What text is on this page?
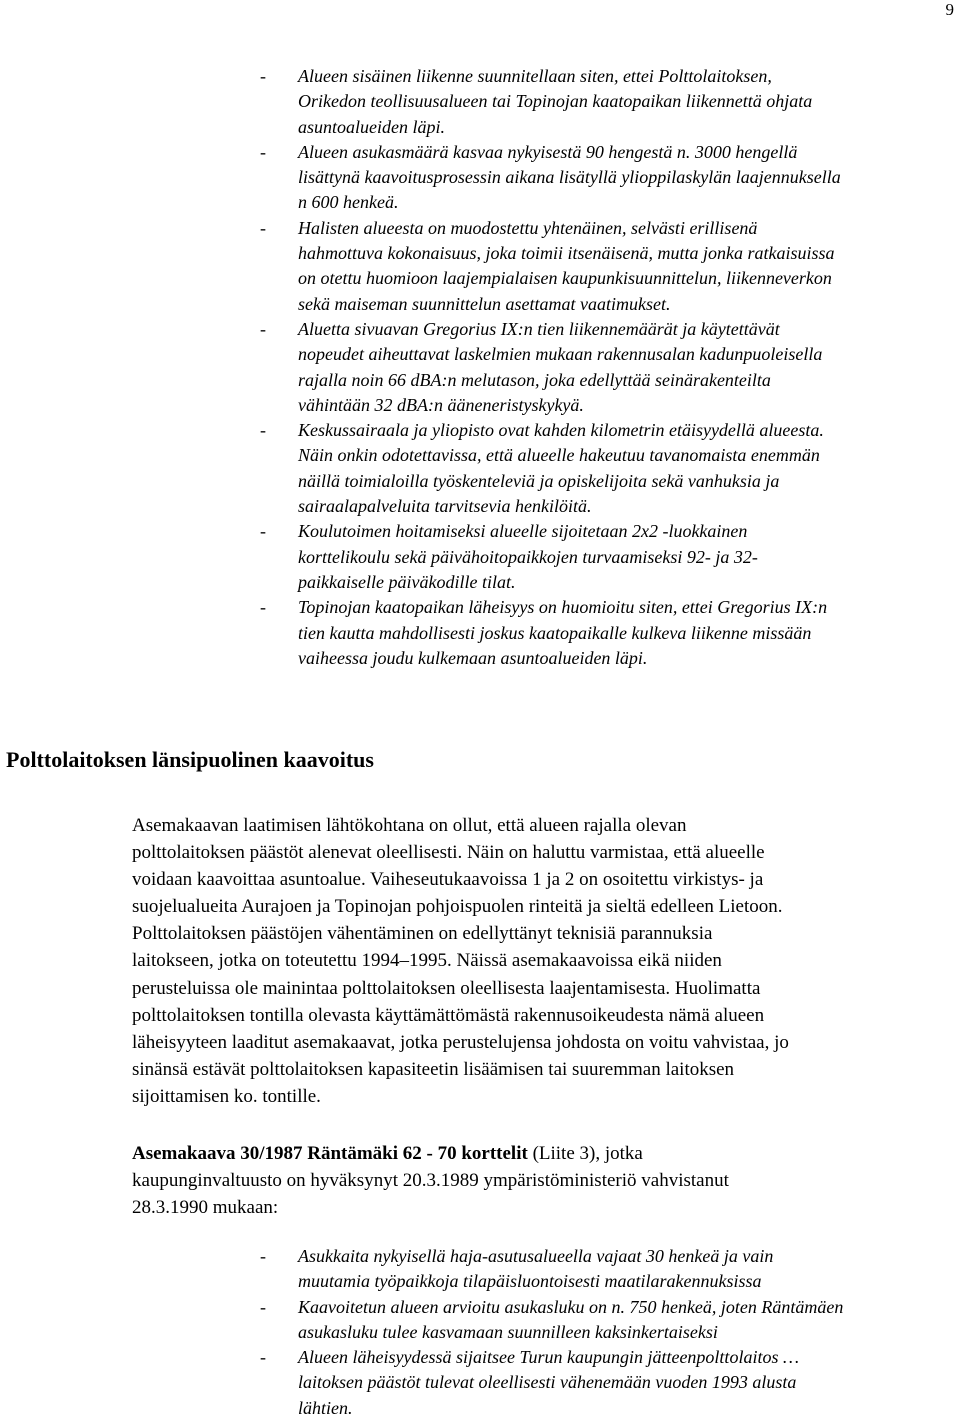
9
- Alueen sisäinen liikenne suunnitellaan siten, ettei Polttolaitoksen,
Orikedon teollisuusalueen tai Topinojan kaatopaikan liikennettä ohjata
asuntoalueiden läpi.
- Alueen asukasmäärä kasvaa nykyisestä 90 hengestä n. 3000 hengellä
lisättynä kaavoitusprosessin aikana lisätyllä ylioppilaskylän laajennuksella
n 600 henkeä.
- Halisten alueesta on muodostettu yhtenäinen, selvästi erillisenä
hahmottuva kokonaisuus, joka toimii itsenäisenä, mutta jonka ratkaisuissa
on otettu huomioon laajempialaisen kaupunkisuunnittelun, liikenneverkon
sekä maiseman suunnittelun asettamat vaatimukset.
- Aluetta sivuavan Gregorius IX:n tien liikennemäärät ja käytettävät
nopeudet aiheuttavat laskelmien mukaan rakennusalan kadunpuoleisella
rajalla noin 66 dBA:n melutason, joka edellyttää seinärakenteilta
vähintään 32 dBA:n ääneneristyskykyä.
- Keskussairaala ja yliopisto ovat kahden kilometrin etäisyydellä alueesta.
Näin onkin odotettavissa, että alueelle hakeutuu tavanomaista enemmän
näillä toimialoilla työskenteleviä ja opiskelijoita sekä vanhuksia ja
sairaalapalveluita tarvitsevia henkilöitä.
- Koulutoimen hoitamiseksi alueelle sijoitetaan 2x2 -luokkainen
korttelikoulu sekä päivähoitopaikkojen turvaamiseksi 92- ja 32-
paikkaiselle päiväkodille tilat.
- Topinojan kaatopaikan läheisyys on huomioitu siten, ettei Gregorius IX:n
tien kautta mahdollisesti joskus kaatopaikalle kulkeva liikenne missään
vaiheessa joudu kulkemaan asuntoalueiden läpi.
Polttolaitoksen länsipuolinen kaavoitus

Asemakaavan laatimisen lähtökohtana on ollut, että alueen rajalla olevan
polttolaitoksen päästöt alenevat oleellisesti. Näin on haluttu varmistaa, että alueelle
voidaan kaavoittaa asuntoalue. Vaiheseutukaavoissa 1 ja 2 on osoitettu virkistys- ja
suojelualueita Aurajoen ja Topinojan pohjoispuolen rinteitä ja sieltä edelleen Lietoon.
Polttolaitoksen päästöjen vähentäminen on edellyttänyt teknisiä parannuksia
laitokseen, jotka on toteutettu 1994–1995. Näissä asemakaavoissa eikä niiden
perusteluissa ole mainintaa polttolaitoksen oleellisesta laajentamisesta. Huolimatta
polttolaitoksen tontilla olevasta käyttämättömästä rakennusoikeudesta nämä alueen
läheisyyteen laaditut asemakaavat, jotka perustelujensa johdosta on voitu vahvistaa, jo
sinänsä estävät polttolaitoksen kapasiteetin lisäämisen tai suuremman laitoksen
sijoittamisen ko. tontille.

Asemakaava 30/1987 Räntämäki 62 - 70 korttelit (Liite 3), jotka
kaupunginvaltuusto on hyväksynyt 20.3.1989 ympäristöministeriö vahvistanut
28.3.1990 mukaan:

- Asukkaita nykyisellä haja-asutusalueella vajaat 30 henkeä ja vain
muutamia työpaikkoja tilapäisluontoisesti maatilarakennuksissa
- Kaavoitetun alueen arvioitu asukasluku on n. 750 henkeä, joten Räntämäen
asukasluku tulee kasvamaan suunnilleen kaksinkertaiseksi
- Alueen läheisyydessä sijaitsee Turun kaupungin jätteenpolttolaitos …
laitoksen päästöt tulevat oleellisesti vähenemään vuoden 1993 alusta
lähtien.
